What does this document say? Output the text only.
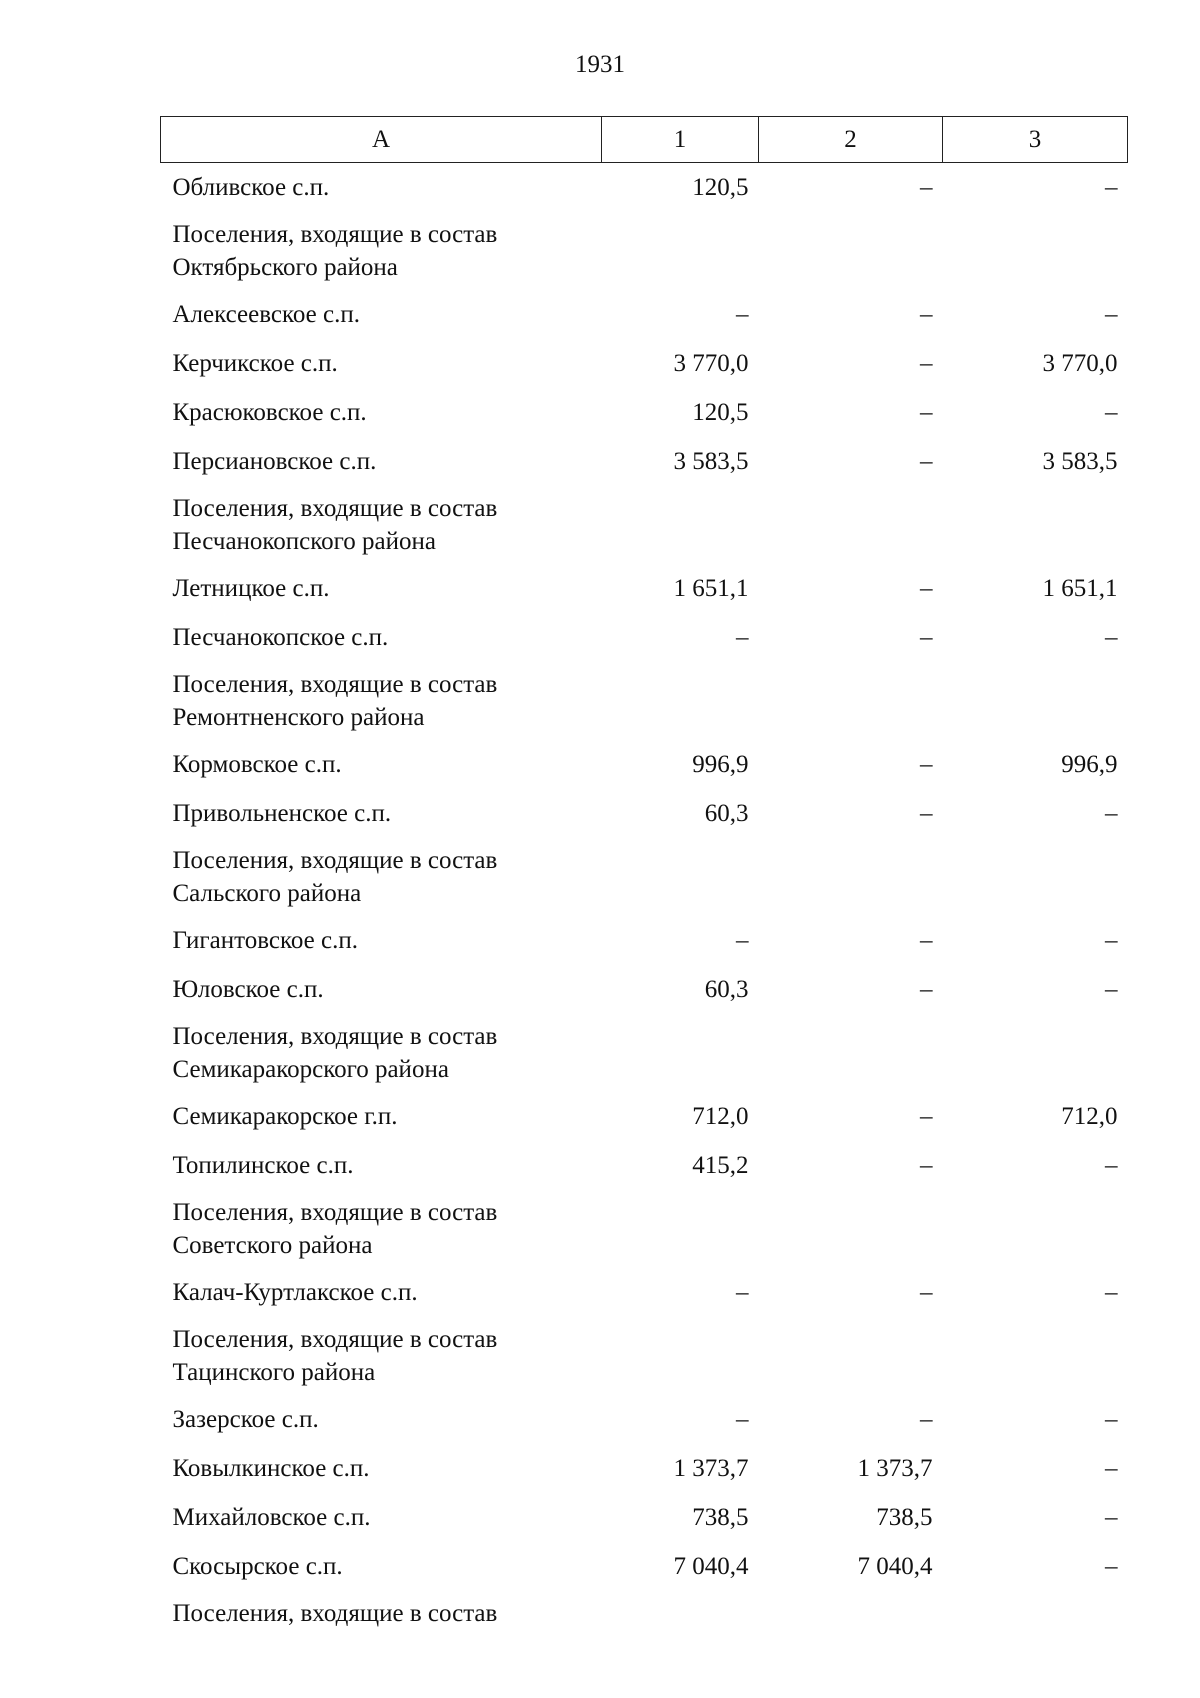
1931
А	1	2	3
Обливское с.п.	120,5	–	–
Поселения, входящие в состав Октябрьского района			
Алексеевское с.п.	–	–	–
Керчикское с.п.	3 770,0	–	3 770,0
Красюковское с.п.	120,5	–	–
Персиановское с.п.	3 583,5	–	3 583,5
Поселения, входящие в состав Песчанокопского района			
Летницкое с.п.	1 651,1	–	1 651,1
Песчанокопское с.п.	–	–	–
Поселения, входящие в состав Ремонтненского района			
Кормовское с.п.	996,9	–	996,9
Привольненское с.п.	60,3	–	–
Поселения, входящие в состав Сальского района			
Гигантовское с.п.	–	–	–
Юловское с.п.	60,3	–	–
Поселения, входящие в состав Семикаракорского района			
Семикаракорское г.п.	712,0	–	712,0
Топилинское с.п.	415,2	–	–
Поселения, входящие в состав Советского района			
Калач-Куртлакское с.п.	–	–	–
Поселения, входящие в состав Тацинского района			
Зазерское с.п.	–	–	–
Ковылкинское с.п.	1 373,7	1 373,7	–
Михайловское с.п.	738,5	738,5	–
Скосырское с.п.	7 040,4	7 040,4	–
Поселения, входящие в состав			
